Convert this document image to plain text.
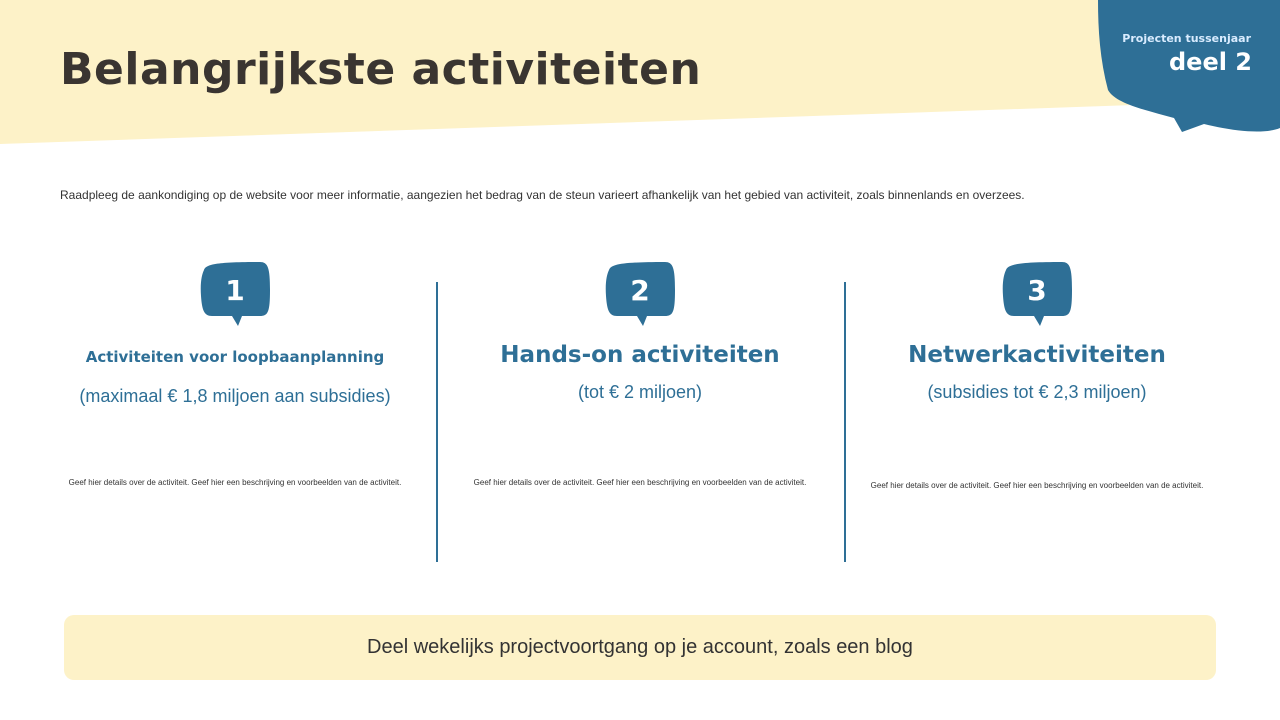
Belangrijkste activiteiten
Projecten tussenjaar
deel 2

Raadpleeg de aankondiging op de website voor meer informatie, aangezien het bedrag van de steun varieert afhankelijk van het gebied van activiteit, zoals binnenlands en overzees.

1

Activiteiten voor loopbaanplanning

(maximaal € 1,8 miljoen aan subsidies)

Geef hier details over de activiteit. Geef hier een beschrijving en voorbeelden van de activiteit.

2

Hands-on activiteiten

(tot € 2 miljoen)

Geef hier details over de activiteit. Geef hier een beschrijving en voorbeelden van de activiteit.

3

Netwerkactiviteiten

(subsidies tot € 2,3 miljoen)

Geef hier details over de activiteit. Geef hier een beschrijving en voorbeelden van de activiteit.

Deel wekelijks projectvoortgang op je account, zoals een blog
